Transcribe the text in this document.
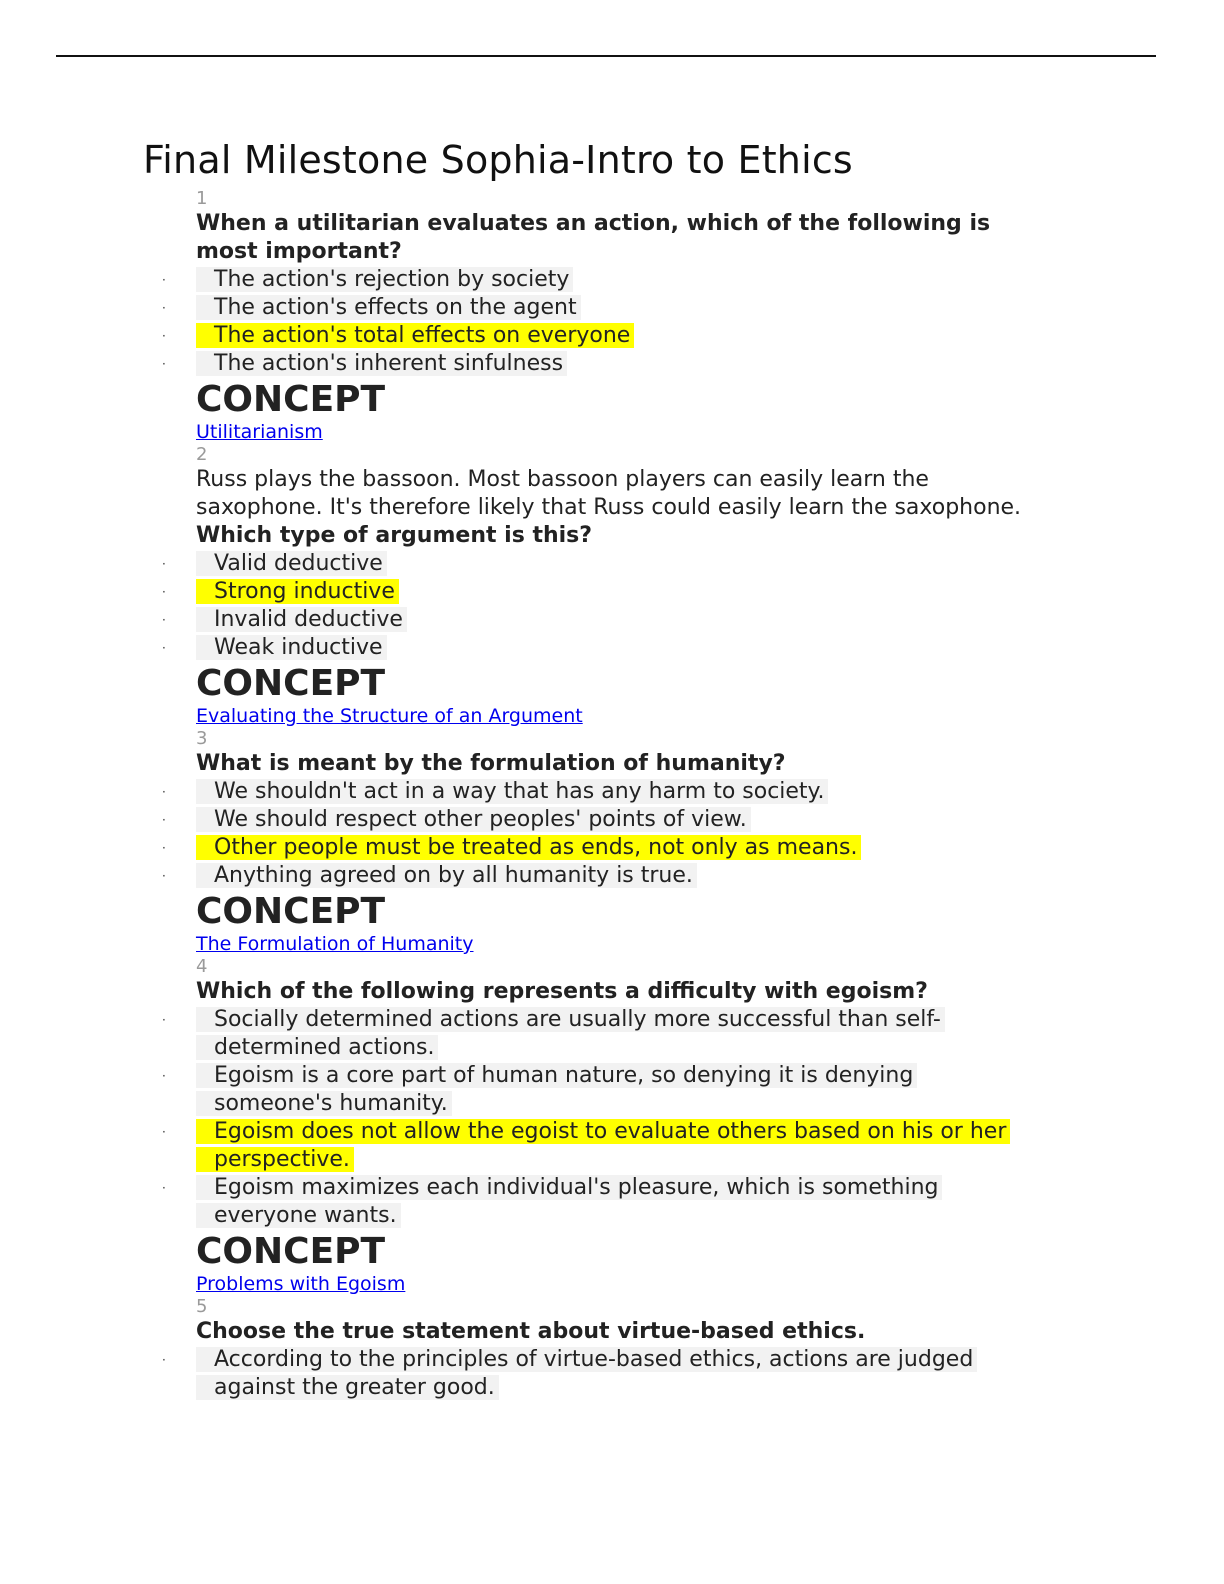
Final Milestone Sophia-Intro to Ethics
1
When a utilitarian evaluates an action, which of the following is most important?
· The action's rejection by society
· The action's effects on the agent
· The action's total effects on everyone
· The action's inherent sinfulness
CONCEPT
Utilitarianism
2
Russ plays the bassoon. Most bassoon players can easily learn the saxophone. It's therefore likely that Russ could easily learn the saxophone.
Which type of argument is this?
· Valid deductive
· Strong inductive
· Invalid deductive
· Weak inductive
CONCEPT
Evaluating the Structure of an Argument
3
What is meant by the formulation of humanity?
· We shouldn't act in a way that has any harm to society.
· We should respect other peoples' points of view.
· Other people must be treated as ends, not only as means.
· Anything agreed on by all humanity is true.
CONCEPT
The Formulation of Humanity
4
Which of the following represents a difficulty with egoism?
· Socially determined actions are usually more successful than self-determined actions.
· Egoism is a core part of human nature, so denying it is denying someone's humanity.
· Egoism does not allow the egoist to evaluate others based on his or her perspective.
· Egoism maximizes each individual's pleasure, which is something everyone wants.
CONCEPT
Problems with Egoism
5
Choose the true statement about virtue-based ethics.
· According to the principles of virtue-based ethics, actions are judged against the greater good.
